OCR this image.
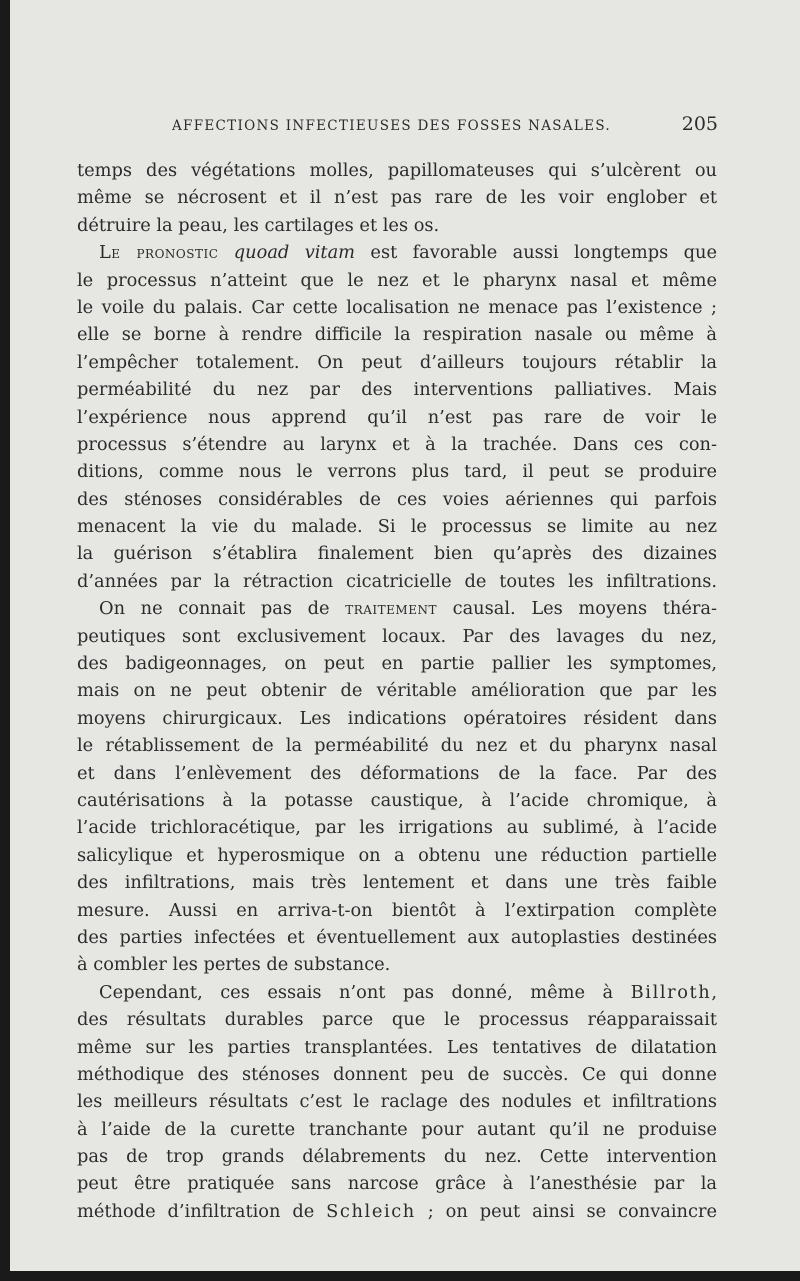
AFFECTIONS INFECTIEUSES DES FOSSES NASALES.	205
temps des végétations molles, papillomateuses qui s’ulcèrent ou
même se nécrosent et il n’est pas rare de les voir englober et
détruire la peau, les cartilages et les os.
Le pronostic quoad vitam est favorable aussi longtemps que
le processus n’atteint que le nez et le pharynx nasal et même
le voile du palais. Car cette localisation ne menace pas l’existence ;
elle se borne à rendre difficile la respiration nasale ou même à
l’empêcher totalement. On peut d’ailleurs toujours rétablir la
perméabilité du nez par des interventions palliatives. Mais
l’expérience nous apprend qu’il n’est pas rare de voir le
processus s’étendre au larynx et à la trachée. Dans ces con-
ditions, comme nous le verrons plus tard, il peut se produire
des sténoses considérables de ces voies aériennes qui parfois
menacent la vie du malade. Si le processus se limite au nez
la guérison s’établira finalement bien qu’après des dizaines
d’années par la rétraction cicatricielle de toutes les infiltrations.
On ne connait pas de traitement causal. Les moyens théra-
peutiques sont exclusivement locaux. Par des lavages du nez,
des badigeonnages, on peut en partie pallier les symptomes,
mais on ne peut obtenir de véritable amélioration que par les
moyens chirurgicaux. Les indications opératoires résident dans
le rétablissement de la perméabilité du nez et du pharynx nasal
et dans l’enlèvement des déformations de la face. Par des
cautérisations à la potasse caustique, à l’acide chromique, à
l’acide trichloracétique, par les irrigations au sublimé, à l’acide
salicylique et hyperosmique on a obtenu une réduction partielle
des infiltrations, mais très lentement et dans une très faible
mesure. Aussi en arriva-t-on bientôt à l’extirpation complète
des parties infectées et éventuellement aux autoplasties destinées
à combler les pertes de substance.
Cependant, ces essais n’ont pas donné, même à Billroth,
des résultats durables parce que le processus réapparaissait
même sur les parties transplantées. Les tentatives de dilatation
méthodique des sténoses donnent peu de succès. Ce qui donne
les meilleurs résultats c’est le raclage des nodules et infiltrations
à l’aide de la curette tranchante pour autant qu’il ne produise
pas de trop grands délabrements du nez. Cette intervention
peut être pratiquée sans narcose grâce à l’anesthésie par la
méthode d’infiltration de Schleich ; on peut ainsi se convaincre
